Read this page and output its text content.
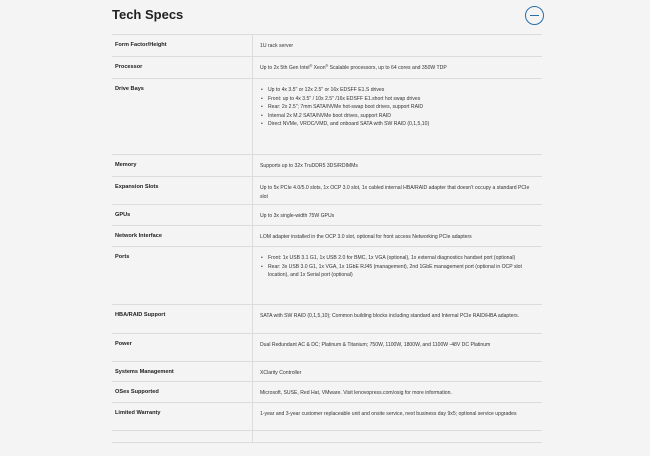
Tech Specs
Form Factor/Height	1U rack server
Processor	Up to 2x 5th Gen Intel® Xeon® Scalable processors, up to 64 cores and 350W TDP
Drive Bays	• Up to 4x 3.5" or 12x 2.5" or 16x EDSFF E1.S drives
• Front: up to 4x 3.5" / 10x 2.5" /16x EDSFF E1.short hot swap drives
• Rear: 2x 2.5"; 7mm SATA/NVMe hot-swap boot drives, support RAID
• Internal 2x M.2 SATA/NVMe boot drives, support RAID
• Direct NVMe, VROC/VMD, and onboard SATA with SW RAID (0,1,5,10)
Memory	Supports up to 32x TruDDR5 3DS/RDIMMs
Expansion Slots	Up to 5x PCIe 4.0/5.0 slots, 1x OCP 3.0 slot, 1x cabled internal HBA/RAID adapter that doesn't occupy a standard PCIe slot
GPUs	Up to 3x single-width 75W GPUs
Network Interface	LOM adapter installed in the OCP 3.0 slot, optional for front access Networking PCIe adapters
Ports	• Front: 1x USB 3.1 G1, 1x USB 2.0 for BMC, 1x VGA (optional), 1x external diagnostics handset port (optional)
• Rear: 3x USB 3.0 G1, 1x VGA, 1x 1GbE RJ45 (management), 2nd 1GbE management port (optional in OCP slot location), and 1x Serial port (optional)
HBA/RAID Support	SATA with SW RAID (0,1,5,10); Common building blocks including standard and Internal PCIe RAID/HBA adapters.
Power	Dual Redundant AC & DC; Platinum & Titanium; 750W, 1100W, 1800W, and 1100W -48V DC Platinum
Systems Management	XClarity Controller
OSes Supported	Microsoft, SUSE, Red Hat, VMware. Visit lenovopress.com/osig for more information.
Limited Warranty	1-year and 3-year customer replaceable unit and onsite service, next business day 9x5; optional service upgrades
